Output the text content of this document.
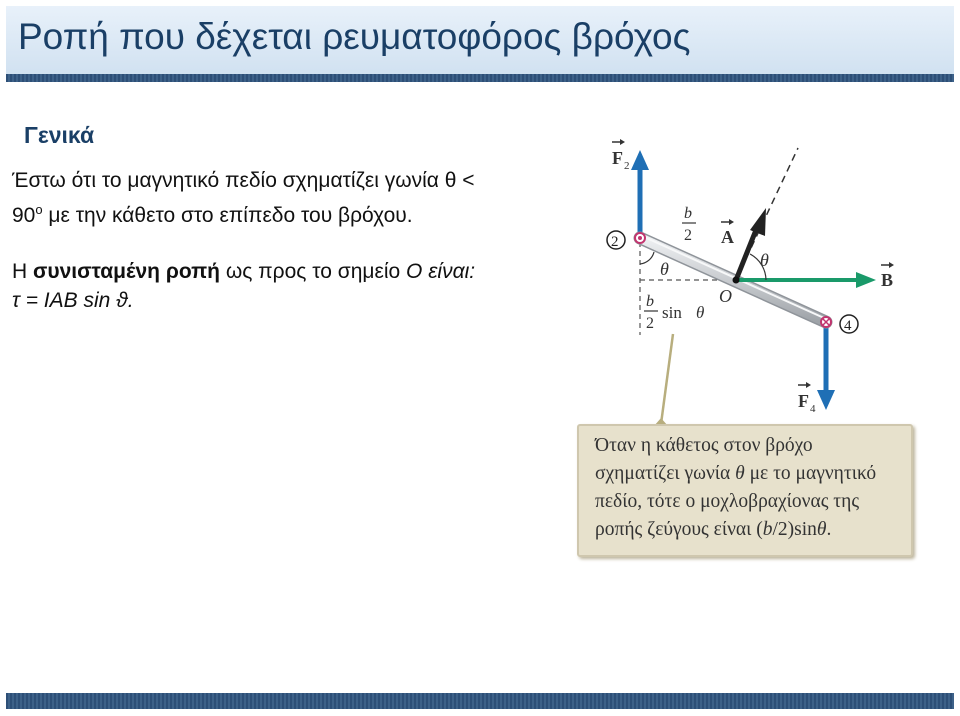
Ροπή που δέχεται ρευματοφόρος βρόχος
Γενικά
Έστω ότι το μαγνητικό πεδίο σχηματίζει γωνία θ <
$90^o$ με την κάθετο στο επίπεδο του βρόχου.
Η συνισταμένη ροπή ως προς το σημείο O είναι:
τ = IAB sin ϑ.
F 2
F 4
B
A
O
θ
θ
b
2
b
2
sin θ
2
4
Όταν η κάθετος στον βρόχο
σχηματίζει γωνία θ με το μαγνητικό
πεδίο, τότε ο μοχλοβραχίονας της
ροπής ζεύγους είναι (b/2)sinθ.
